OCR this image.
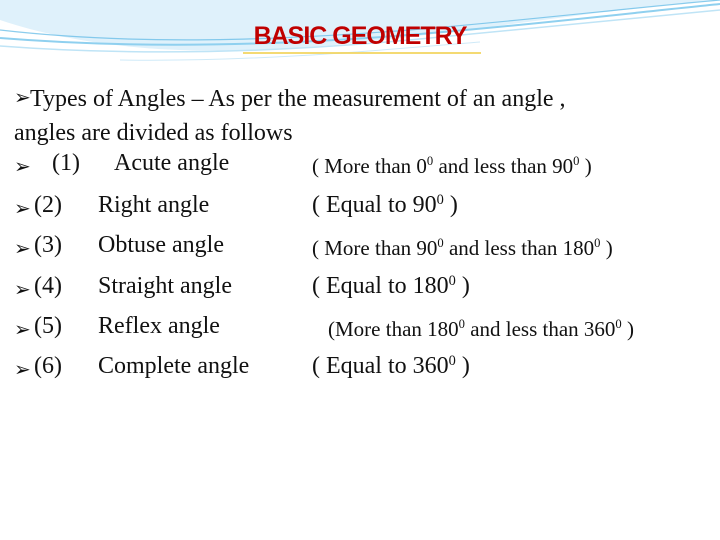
BASIC GEOMETRY
➢Types of Angles – As per the measurement of an angle ,
angles are divided as follows
➢ (1) Acute angle	( More than $0^0$ and less than $90^0$ )
➢ (2) Right angle	( Equal to $90^0$ )
➢ (3) Obtuse angle	( More than $90^0$ and less than $180^0$ )
➢ (4) Straight angle	( Equal to $180^0$ )
➢ (5) Reflex angle	(More than $180^0$ and less than $360^0$ )
➢ (6) Complete angle	( Equal to $360^0$ )
